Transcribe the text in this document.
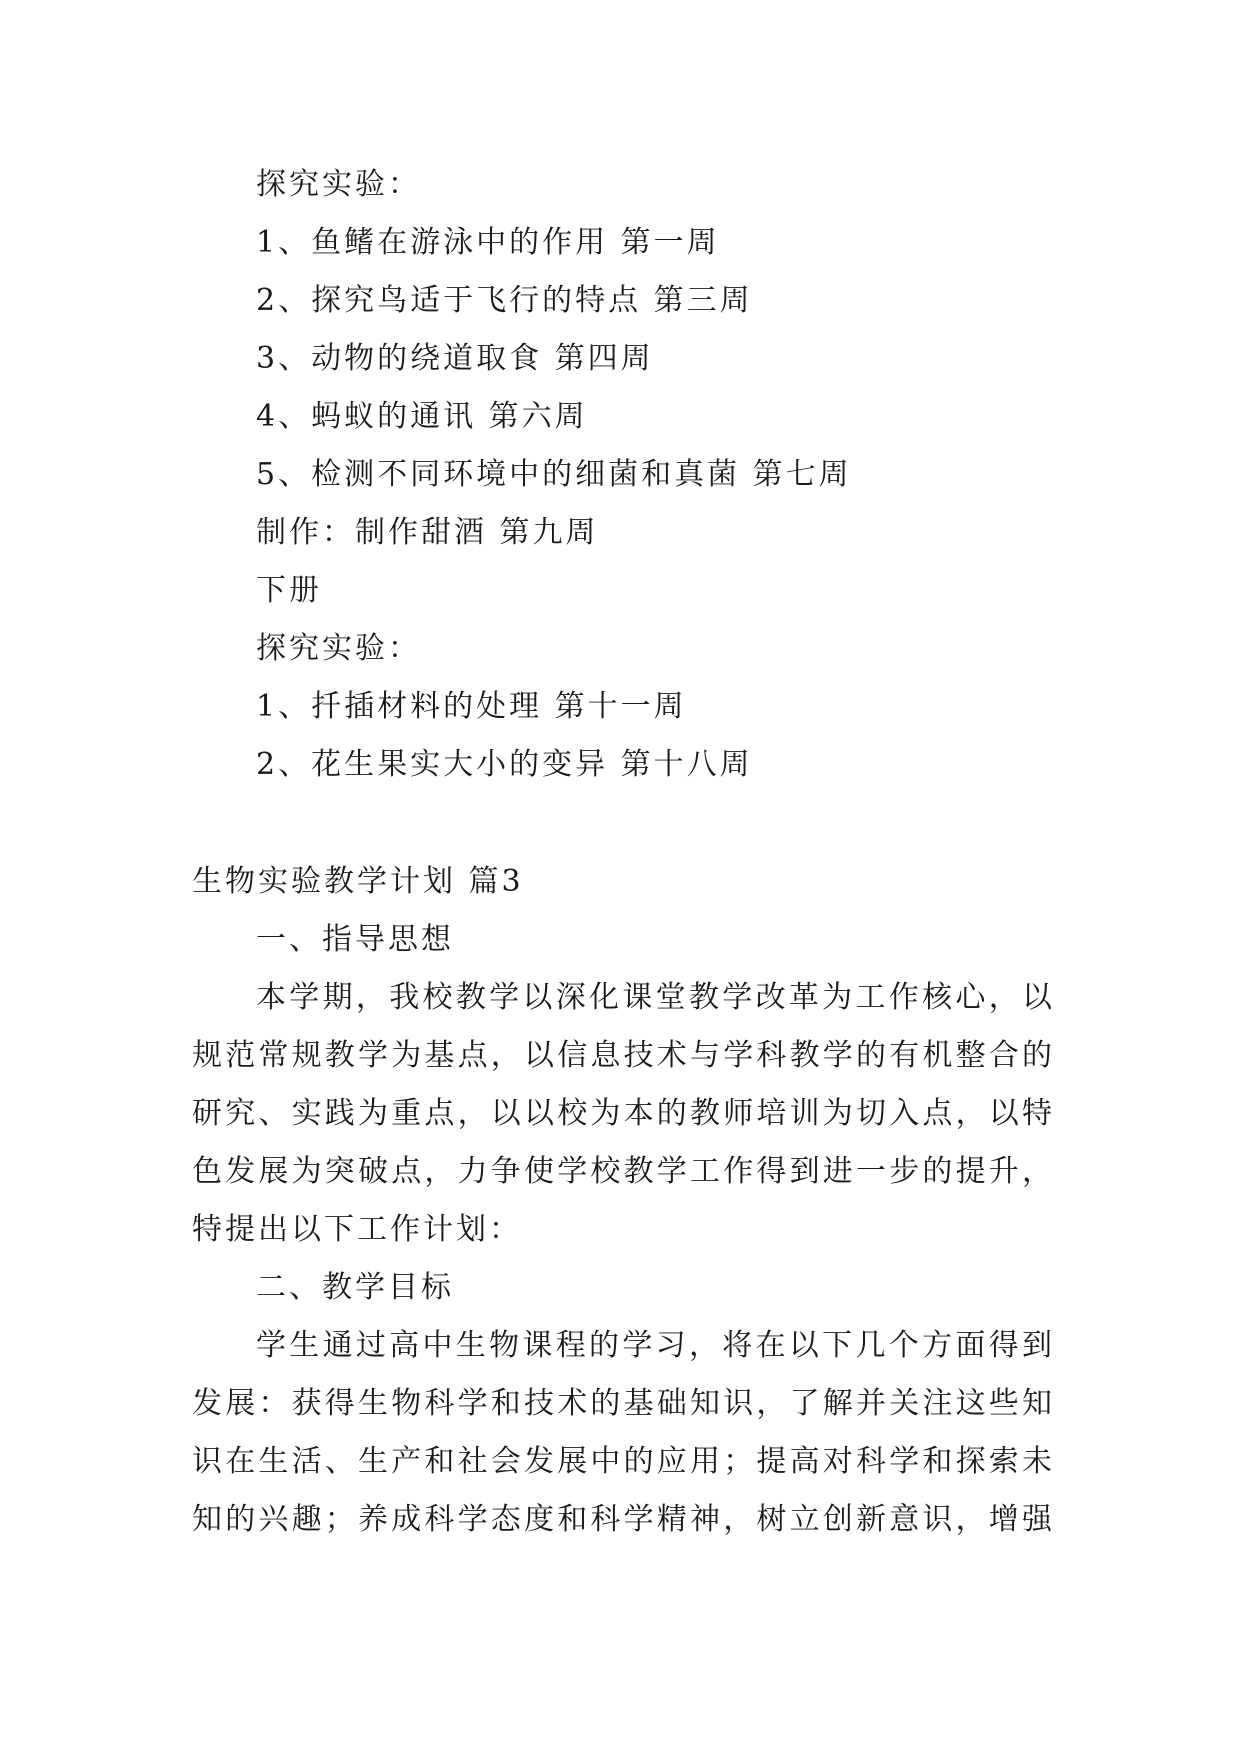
探究实验：
1、鱼鳍在游泳中的作用 第一周
2、探究鸟适于飞行的特点 第三周
3、动物的绕道取食 第四周
4、蚂蚁的通讯 第六周
5、检测不同环境中的细菌和真菌 第七周
制作：制作甜酒 第九周
下册
探究实验：
1、扦插材料的处理 第十一周
2、花生果实大小的变异 第十八周
生物实验教学计划 篇3
一、指导思想
本学期，我校教学以深化课堂教学改革为工作核心，以
规范常规教学为基点，以信息技术与学科教学的有机整合的
研究、实践为重点，以以校为本的教师培训为切入点，以特
色发展为突破点，力争使学校教学工作得到进一步的提升，
特提出以下工作计划：
二、教学目标
学生通过高中生物课程的学习，将在以下几个方面得到
发展：获得生物科学和技术的基础知识，了解并关注这些知
识在生活、生产和社会发展中的应用；提高对科学和探索未
知的兴趣；养成科学态度和科学精神，树立创新意识，增强
